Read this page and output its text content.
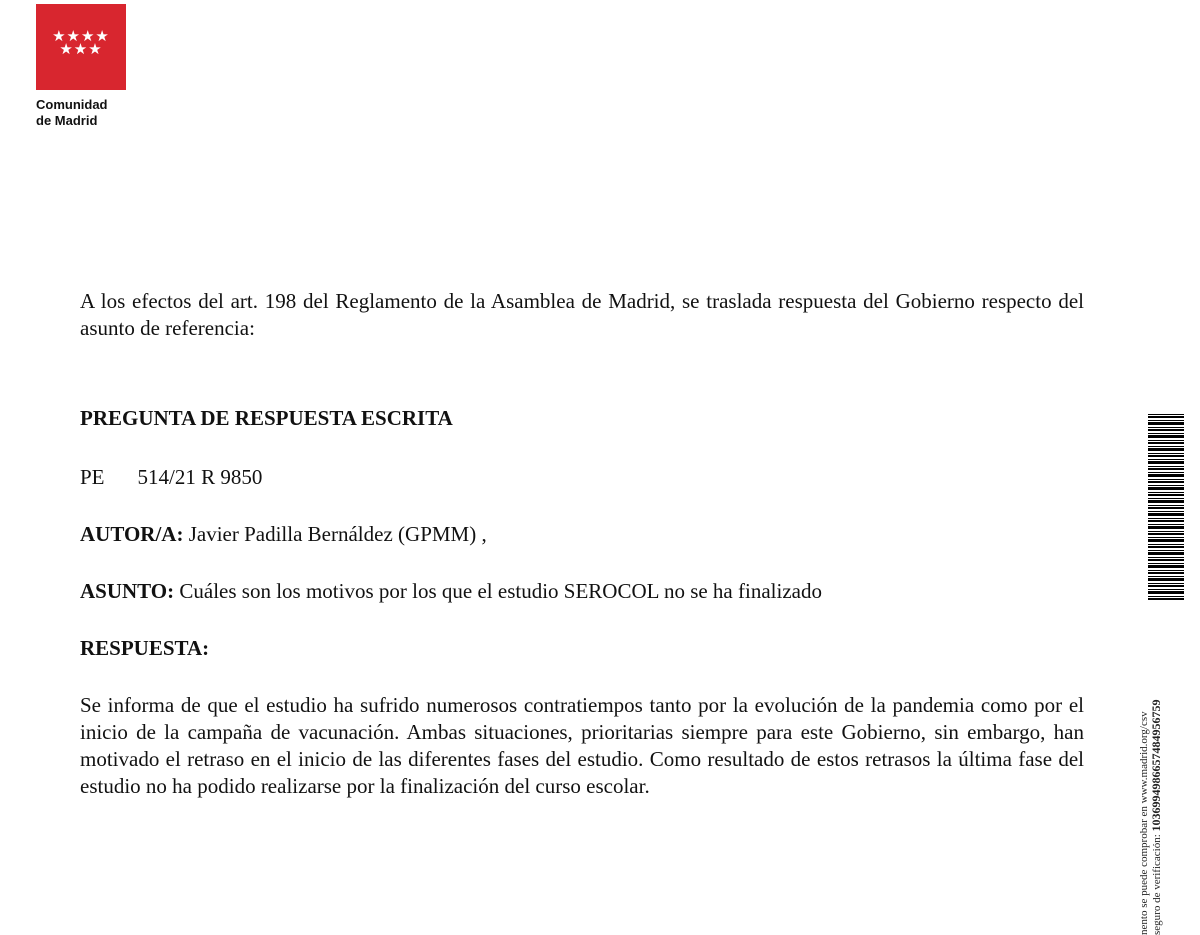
★★★★
★★★
Comunidad
de Madrid
A los efectos del art. 198 del Reglamento de la Asamblea de Madrid, se traslada respuesta del Gobierno respecto del asunto de referencia:
PREGUNTA DE RESPUESTA ESCRITA
PE 514/21 R 9850
AUTOR/A: Javier Padilla Bernáldez (GPMM) ,
ASUNTO: Cuáles son los motivos por los que el estudio SEROCOL no se ha finalizado
RESPUESTA:
Se informa de que el estudio ha sufrido numerosos contratiempos tanto por la evolución de la pandemia como por el inicio de la campaña de vacunación. Ambas situaciones, prioritarias siempre para este Gobierno, sin embargo, han motivado el retraso en el inicio de las diferentes fases del estudio. Como resultado de estos retrasos la última fase del estudio no ha podido realizarse por la finalización del curso escolar.	nento se puede comprobar en www.madrid.org/csv seguro de verificación: 1036994986657484956759
